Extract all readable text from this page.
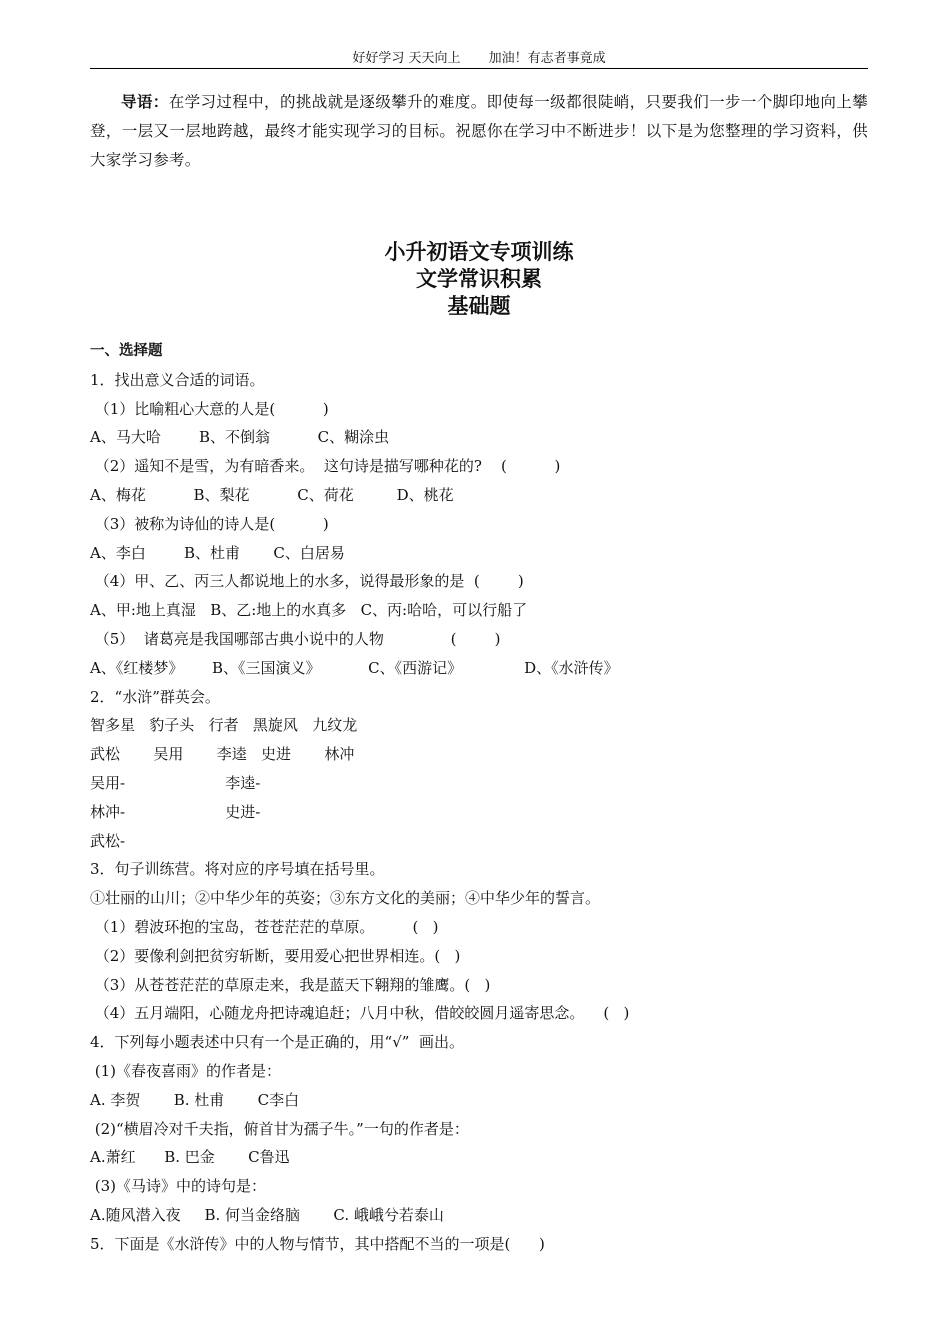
好好学习 天天向上 加油！有志者事竟成
导语：在学习过程中，的挑战就是逐级攀升的难度。即使每一级都很陡峭，只要我们一步一个脚印地向上攀登，一层又一层地跨越，最终才能实现学习的目标。祝愿你在学习中不断进步！以下是为您整理的学习资料，供大家学习参考。
小升初语文专项训练
文学常识积累
基础题
一、选择题
1．找出意义合适的词语。
（1）比喻粗心大意的人是(          )
A、马大哈        B、不倒翁          C、糊涂虫
（2）遥知不是雪，为有暗香来。  这句诗是描写哪种花的?    (          )
A、梅花          B、梨花          C、荷花         D、桃花
（3）被称为诗仙的诗人是(          )
A、李白        B、杜甫       C、白居易
（4）甲、乙、丙三人都说地上的水多，说得最形象的是  (        )
A、甲:地上真湿   B、乙:地上的水真多   C、丙:哈哈，可以行船了
（5）  诸葛亮是我国哪部古典小说中的人物              (        )
A、《红楼梦》      B、《三国演义》          C、《西游记》             D、《水浒传》
2．“水浒”群英会。
智多星   豹子头   行者   黑旋风   九纹龙
武松       吴用       李逵   史进       林冲
吴用-                     李逵-
林冲-                     史进-
武松-
3．句子训练营。将对应的序号填在括号里。
①壮丽的山川；②中华少年的英姿；③东方文化的美丽；④中华少年的誓言。
（1）碧波环抱的宝岛，苍苍茫茫的草原。        (   )
（2）要像利剑把贫穷斩断，要用爱心把世界相连。(   )
（3）从苍苍茫茫的草原走来，我是蓝天下翱翔的雏鹰。(   )
（4）五月端阳，心随龙舟把诗魂追赶；八月中秋，借皎皎圆月遥寄思念。    (   )
4．下列每小题表述中只有一个是正确的，用“√”  画出。
(1)《春夜喜雨》的作者是：
A. 李贺       B. 杜甫       C李白
(2)“横眉冷对千夫指，俯首甘为孺子牛。”一句的作者是：
A.萧红      B. 巴金       C鲁迅
(3)《马诗》中的诗句是：
A.随风潜入夜     B. 何当金络脑       C. 峨峨兮若泰山
5．下面是《水浒传》中的人物与情节，其中搭配不当的一项是(      )
